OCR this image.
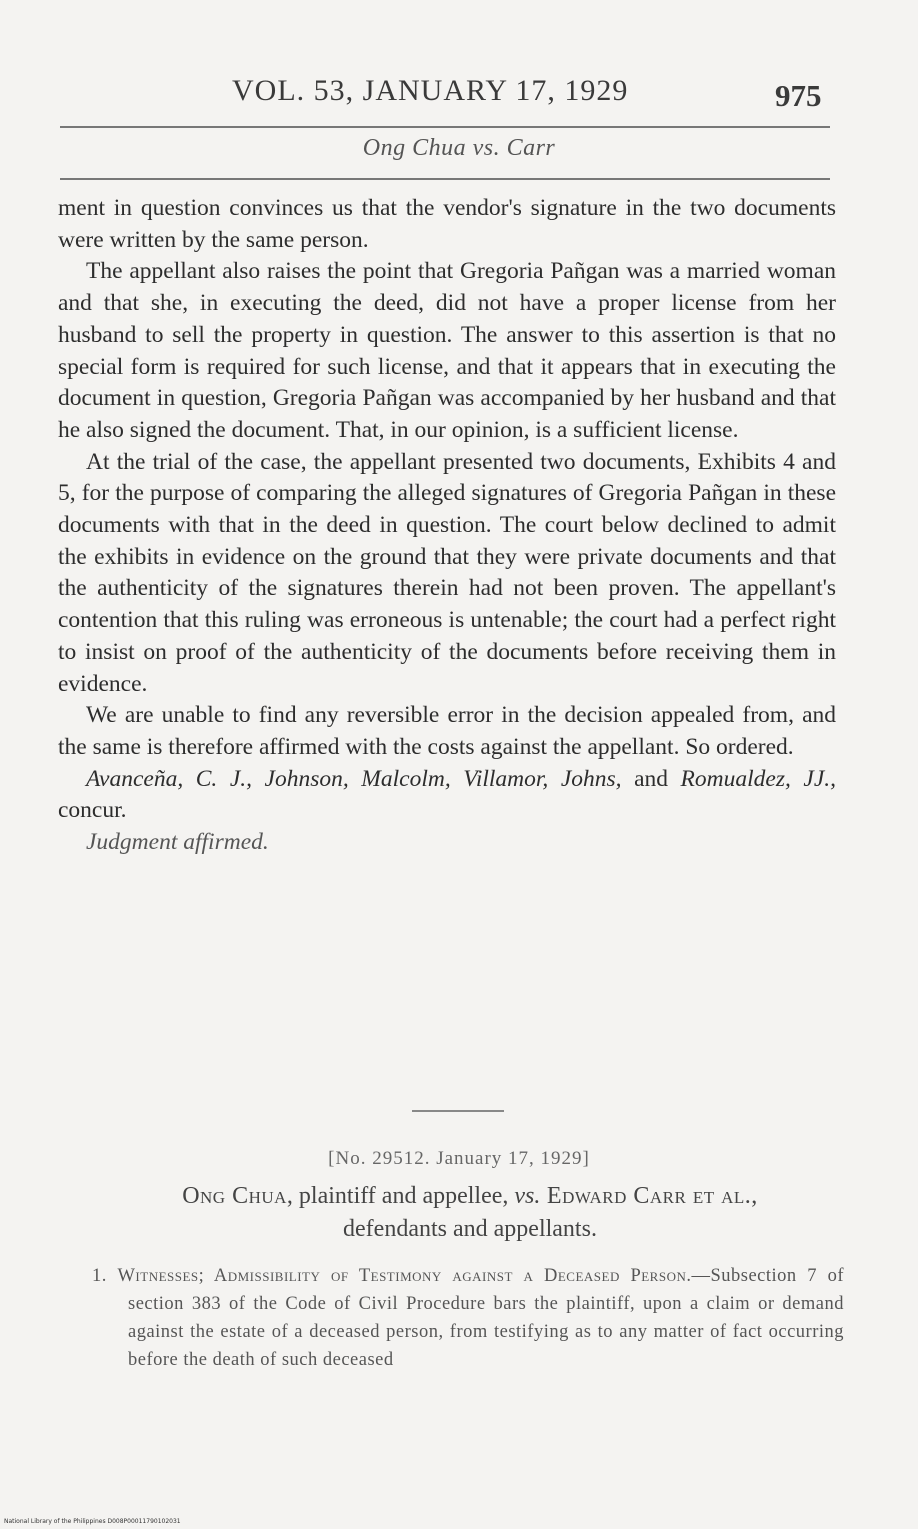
VOL. 53, JANUARY 17, 1929	975
Ong Chua vs. Carr

ment in question convinces us that the vendor's signature in the two documents were written by the same person.

The appellant also raises the point that Gregoria Pañgan was a married woman and that she, in executing the deed, did not have a proper license from her husband to sell the property in question. The answer to this assertion is that no special form is required for such license, and that it appears that in executing the document in question, Gregoria Pañgan was accompanied by her husband and that he also signed the document. That, in our opinion, is a sufficient license.

At the trial of the case, the appellant presented two documents, Exhibits 4 and 5, for the purpose of comparing the alleged signatures of Gregoria Pañgan in these documents with that in the deed in question. The court below declined to admit the exhibits in evidence on the ground that they were private documents and that the authenticity of the signatures therein had not been proven. The appellant's contention that this ruling was erroneous is untenable; the court had a perfect right to insist on proof of the authenticity of the documents before receiving them in evidence.

We are unable to find any reversible error in the decision appealed from, and the same is therefore affirmed with the costs against the appellant. So ordered.

Avanceña, C. J., Johnson, Malcolm, Villamor, Johns, and Romualdez, JJ., concur.

Judgment affirmed.

[No. 29512. January 17, 1929]
Ong Chua, plaintiff and appellee, vs. Edward Carr et al.,
defendants and appellants.

1. Witnesses; Admissibility of Testimony against a Deceased Person.—Subsection 7 of section 383 of the Code of Civil Procedure bars the plaintiff, upon a claim or demand against the estate of a deceased person, from testifying as to any matter of fact occurring before the death of such deceased

National Library of the Philippines D008P00011790102031
